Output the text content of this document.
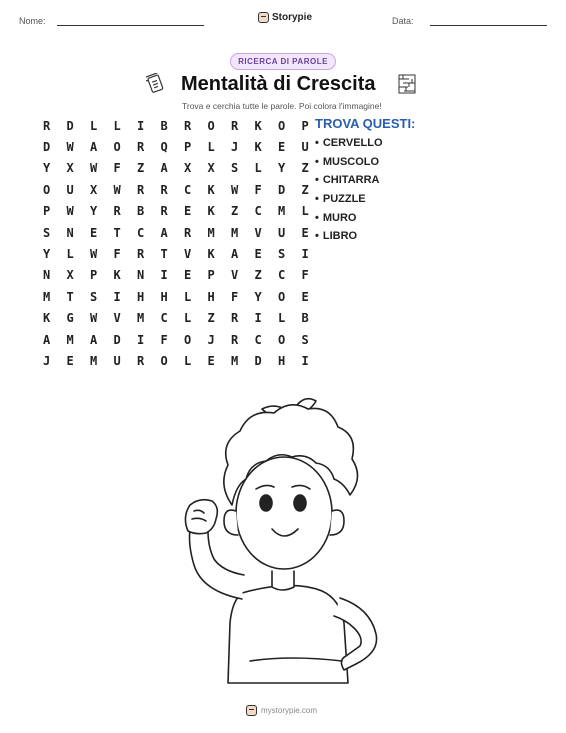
Nome:	Storypie	Data:
RICERCA DI PAROLE
Mentalità di Crescita
Trova e cerchia tutte le parole. Poi colora l'immagine!
R	D	L	L	I	B	R	O	R	K	O	P
D	W	A	O	R	Q	P	L	J	K	E	U
Y	X	W	F	Z	A	X	X	S	L	Y	Z
O	U	X	W	R	R	C	K	W	F	D	Z
P	W	Y	R	B	R	E	K	Z	C	M	L
S	N	E	T	C	A	R	M	M	V	U	E
Y	L	W	F	R	T	V	K	A	E	S	I
N	X	P	K	N	I	E	P	V	Z	C	F
M	T	S	I	H	H	L	H	F	Y	O	E
K	G	W	V	M	C	L	Z	R	I	L	B
A	M	A	D	I	F	O	J	R	C	O	S
J	E	M	U	R	O	L	E	M	D	H	I
TROVA QUESTI:
• CERVELLO
• MUSCOLO
• CHITARRA
• PUZZLE
• MURO
• LIBRO
mystorypie.com
